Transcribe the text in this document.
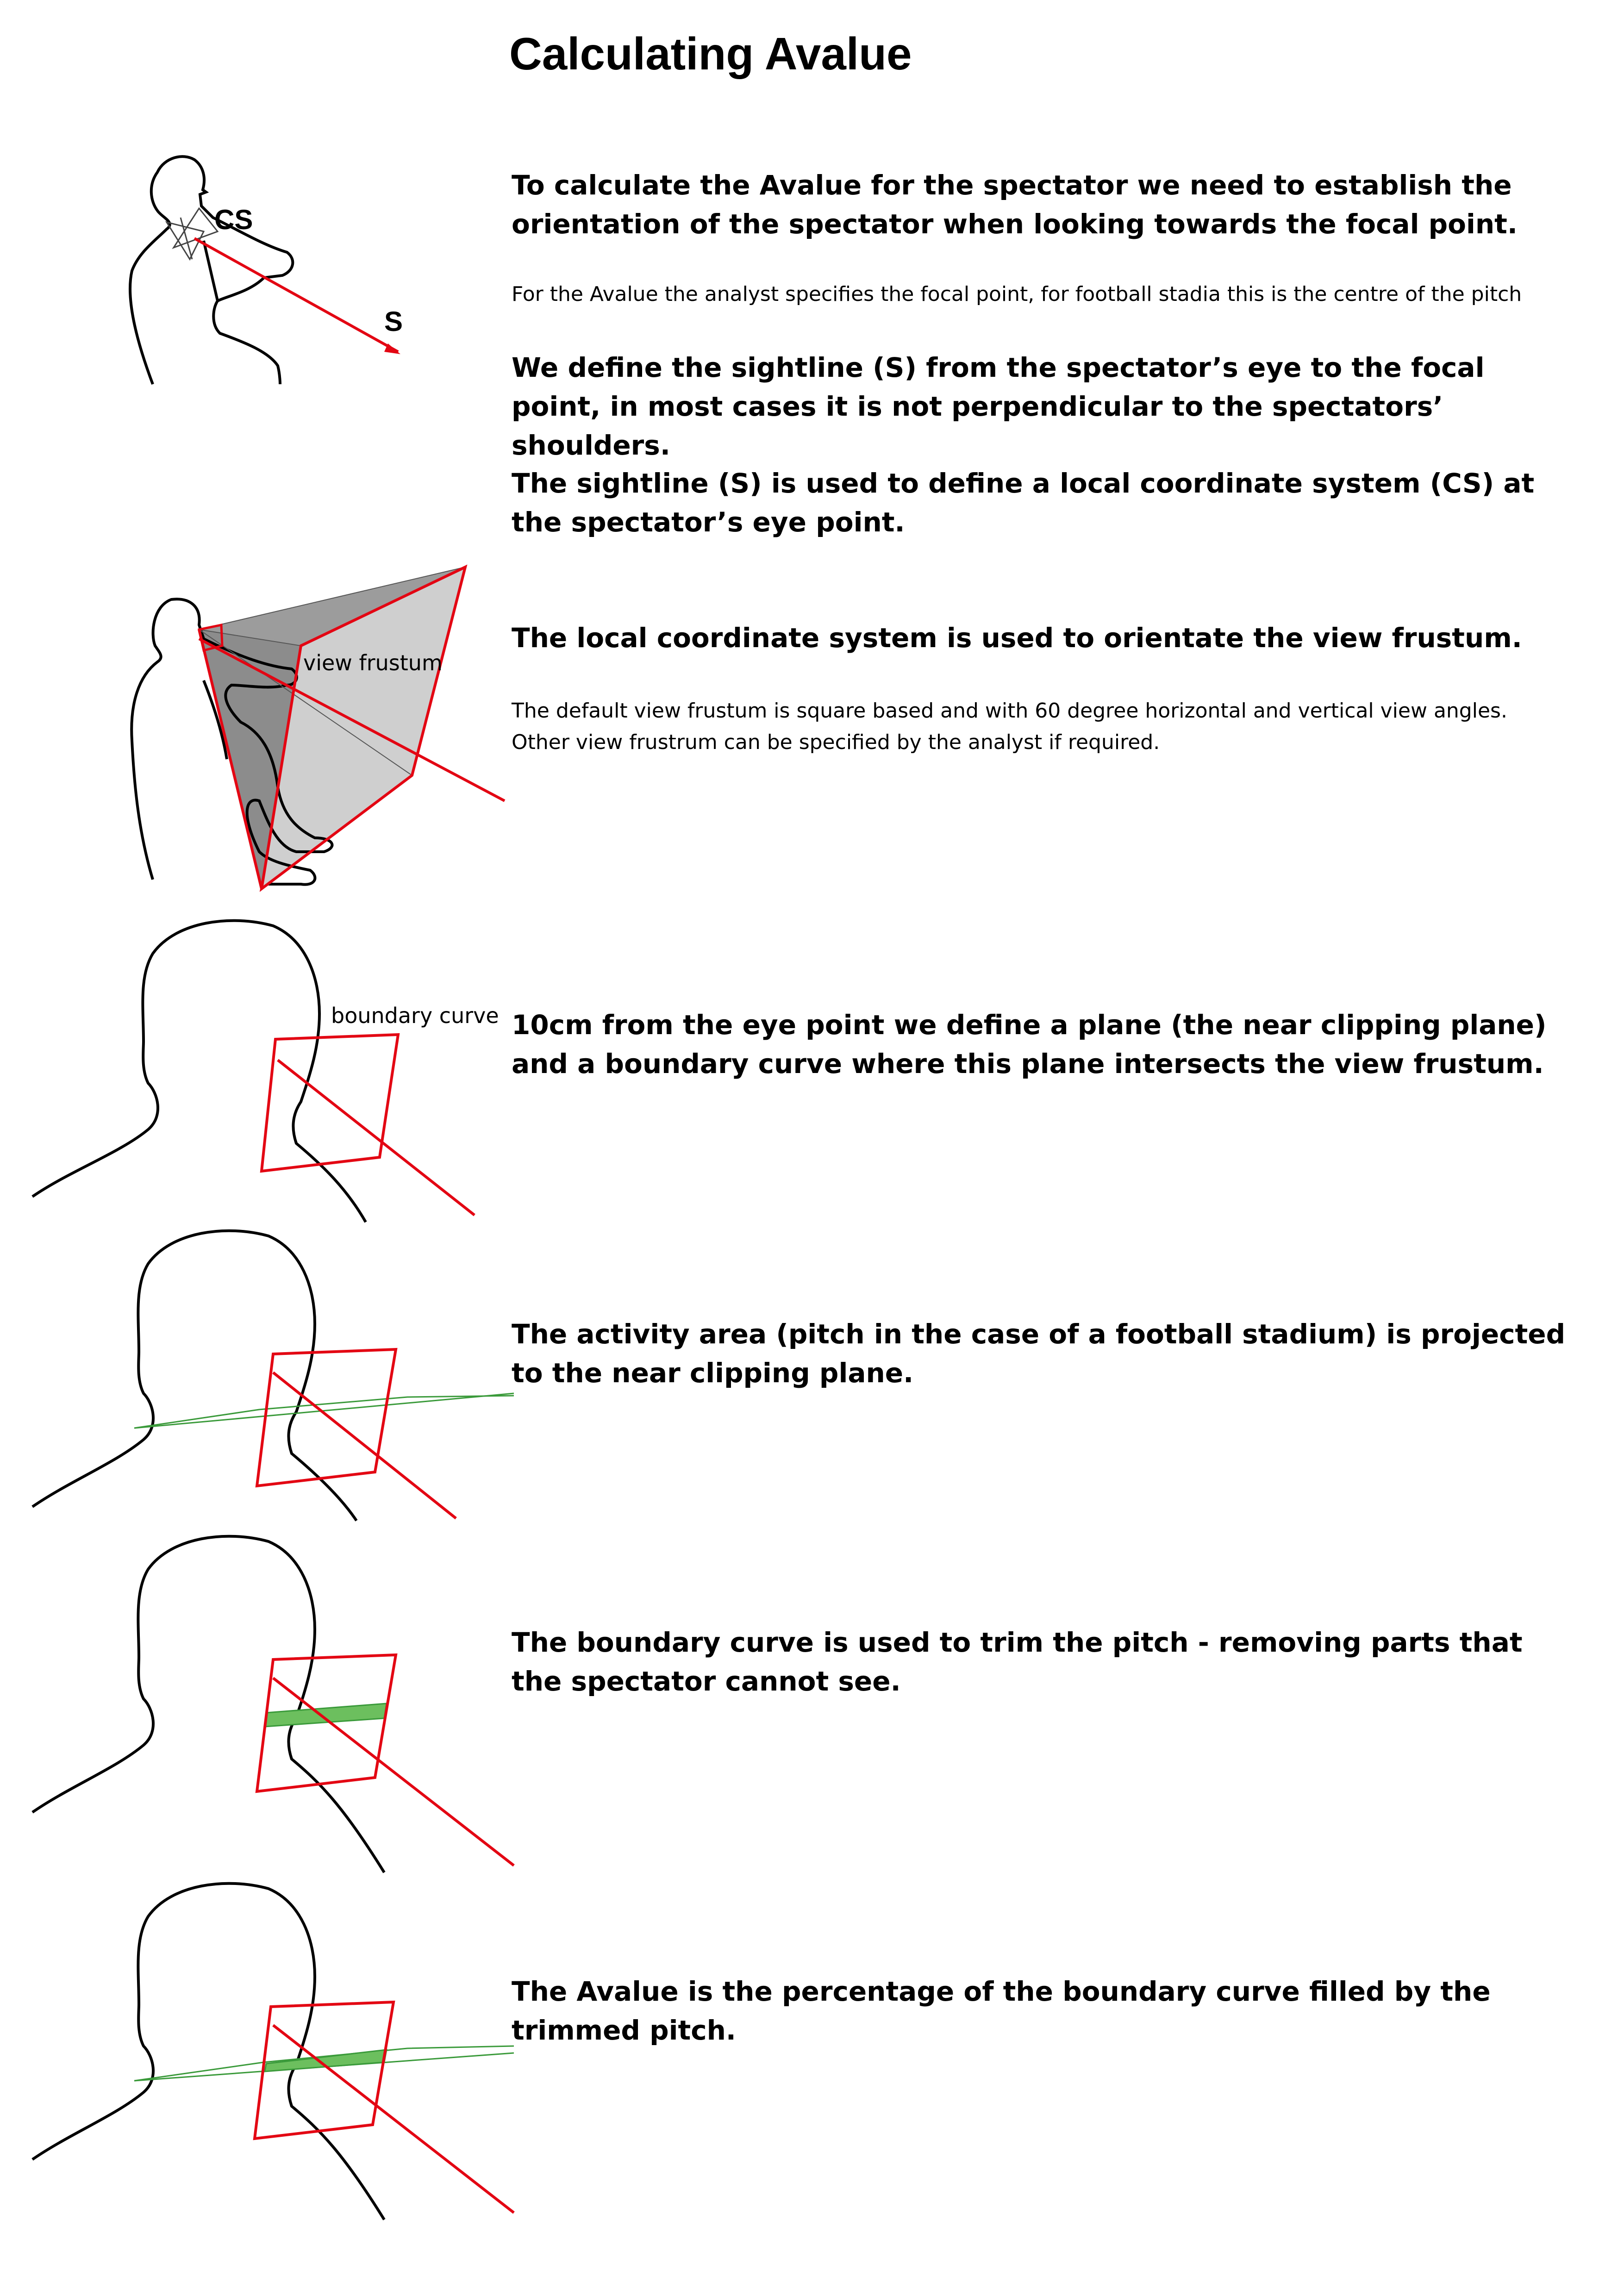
Calculating Avalue
To calculate the Avalue for the spectator we need to establish the orientation of the spectator when looking towards the focal point.
For the Avalue the analyst specifies the focal point, for football stadia this is the centre of the pitch
We define the sightline (S) from the spectator’s eye to the focal point, in most cases it is not perpendicular to the spectators’ shoulders.
The sightline (S) is used to define a local coordinate system (CS) at the spectator’s eye point.
The local coordinate system is used to orientate the view frustum.
The default view frustum is square based and with 60 degree horizontal and vertical view angles. Other view frustrum can be specified by the analyst if required.
10cm from the eye point we define a plane (the near clipping plane) and a boundary curve where this plane intersects the view frustum.
The activity area (pitch in the case of a football stadium) is projected to the near clipping plane.
The boundary curve is used to trim the pitch - removing parts that the spectator cannot see.
The Avalue is the percentage of the boundary curve filled by the trimmed pitch.
CS
S
view frustum
boundary curve
